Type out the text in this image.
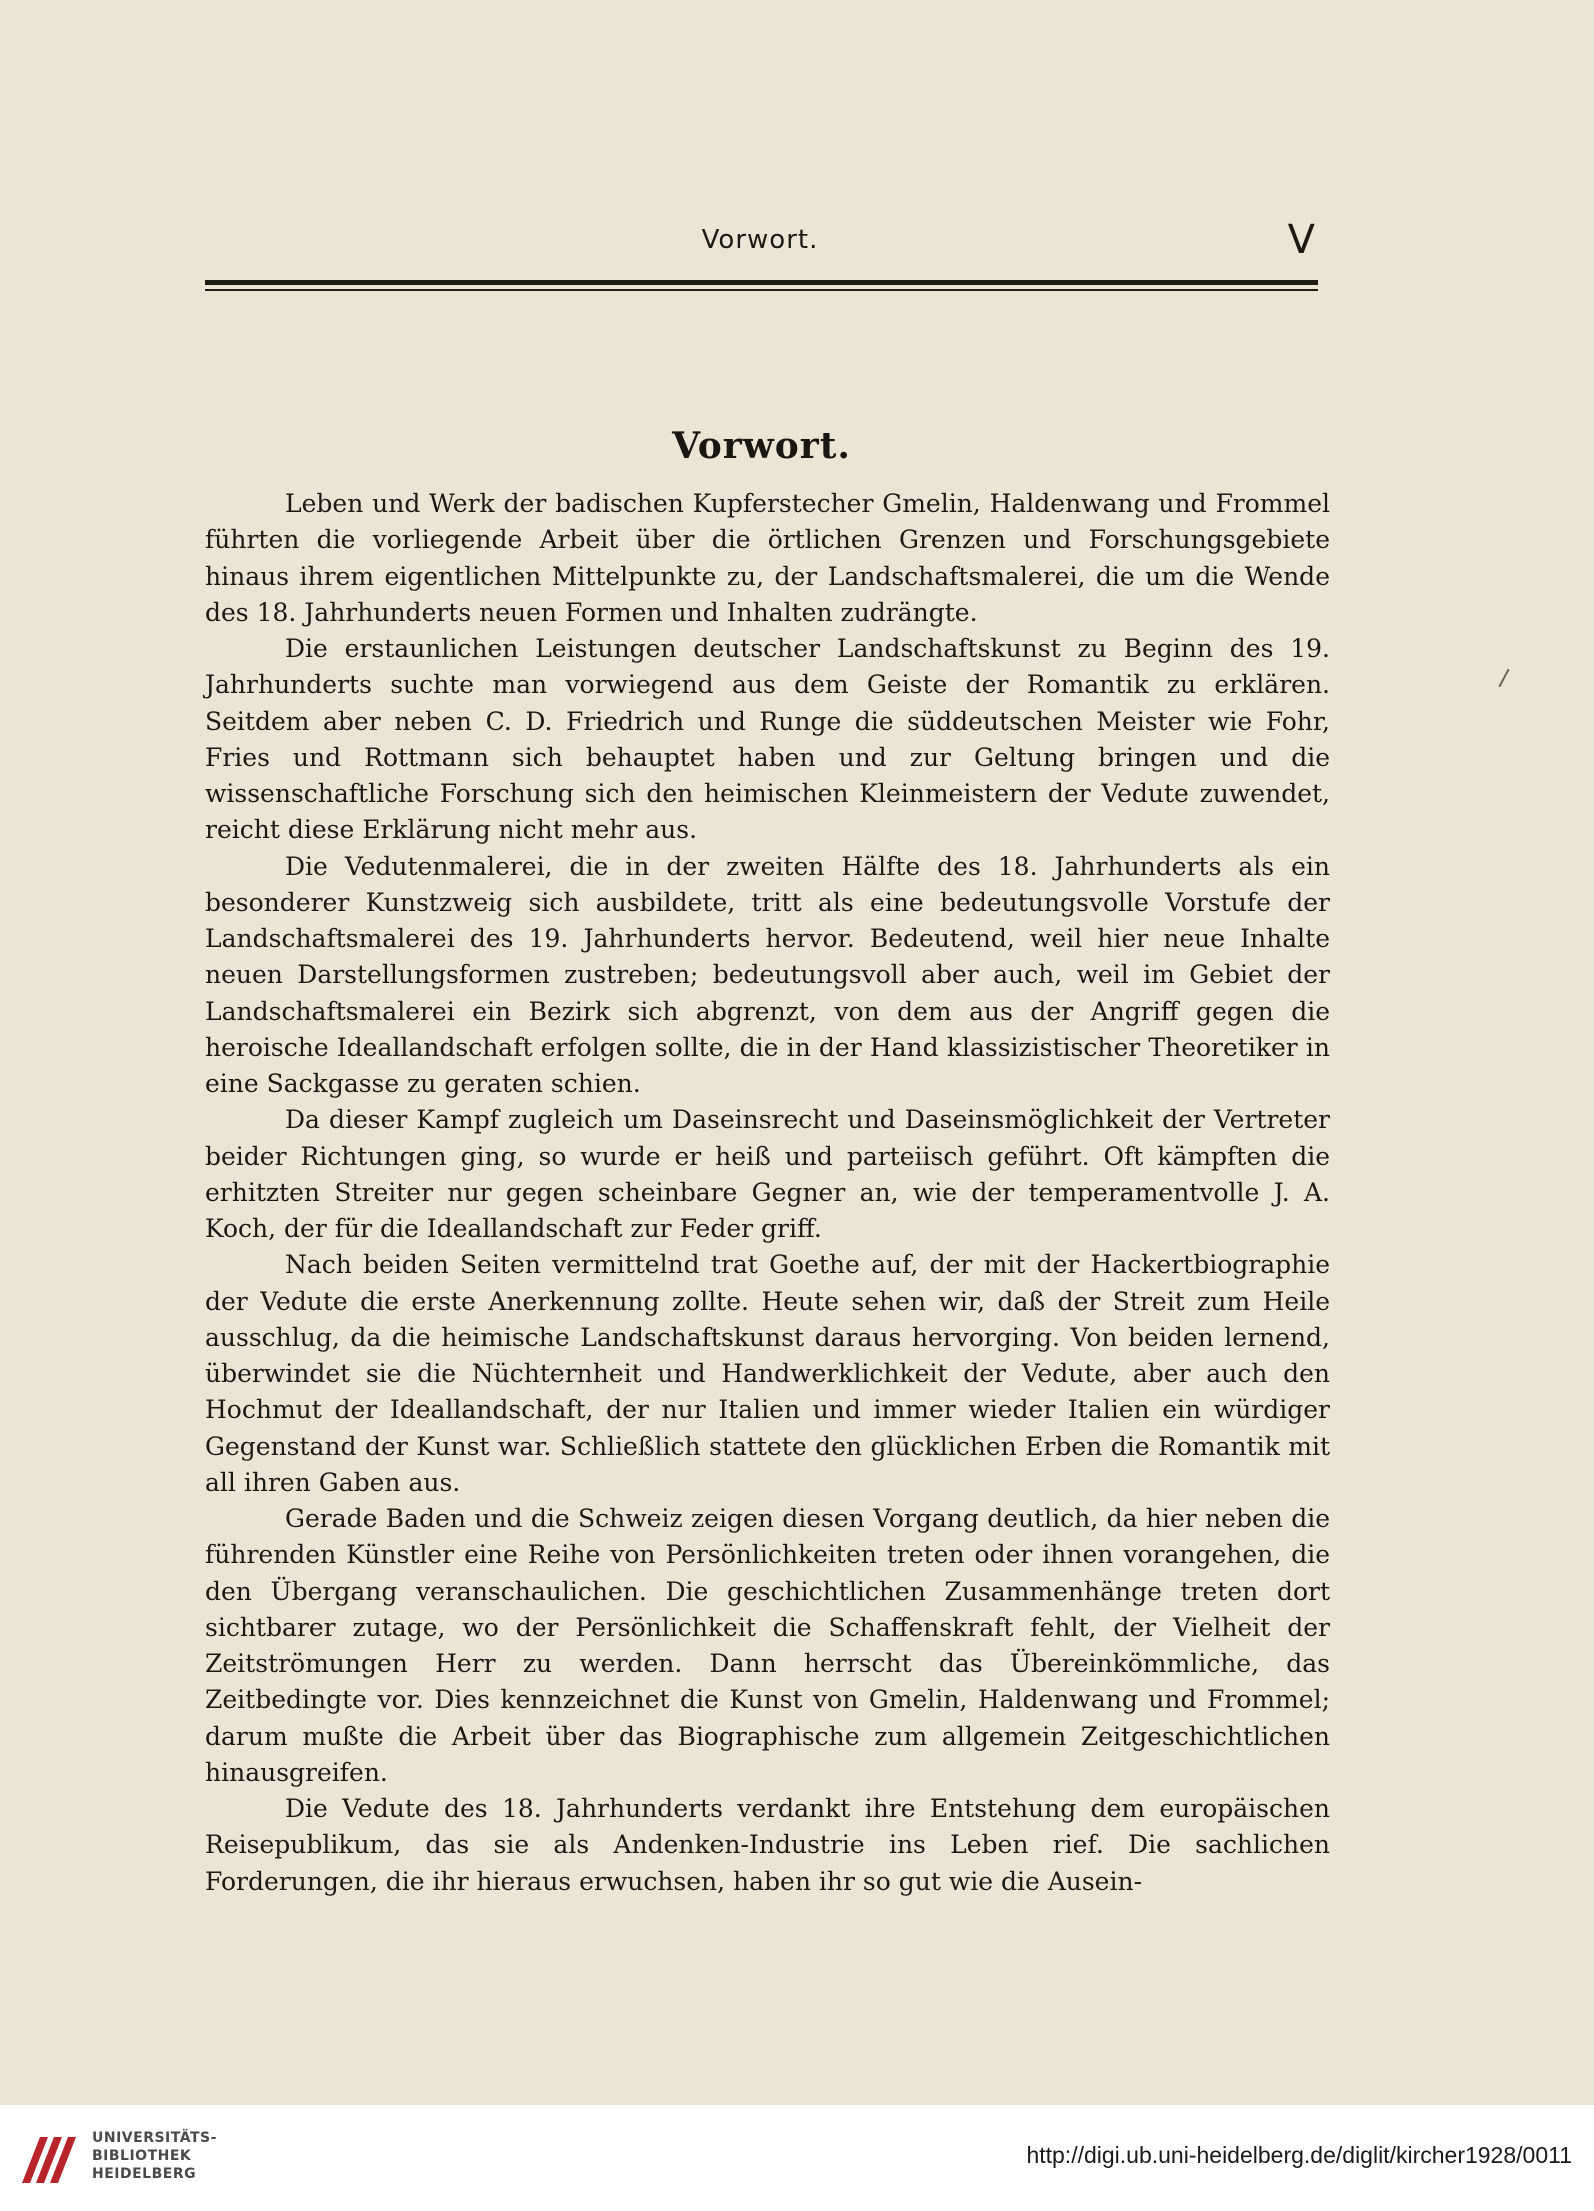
Vorwort.	V
Vorwort.

Leben und Werk der badischen Kupferstecher Gmelin, Haldenwang und Frommel führten die vorliegende Arbeit über die örtlichen Grenzen und Forschungsgebiete hinaus ihrem eigentlichen Mittelpunkte zu, der Landschaftsmalerei, die um die Wende des 18. Jahrhunderts neuen Formen und Inhalten zudrängte.

Die erstaunlichen Leistungen deutscher Landschaftskunst zu Beginn des 19. Jahrhunderts suchte man vorwiegend aus dem Geiste der Romantik zu erklären. Seitdem aber neben C. D. Friedrich und Runge die süddeutschen Meister wie Fohr, Fries und Rottmann sich behauptet haben und zur Geltung bringen und die wissenschaftliche Forschung sich den heimischen Kleinmeistern der Vedute zuwendet, reicht diese Erklärung nicht mehr aus.

Die Vedutenmalerei, die in der zweiten Hälfte des 18. Jahrhunderts als ein besonderer Kunstzweig sich ausbildete, tritt als eine bedeutungsvolle Vorstufe der Landschaftsmalerei des 19. Jahrhunderts hervor. Bedeutend, weil hier neue Inhalte neuen Darstellungsformen zustreben; bedeutungsvoll aber auch, weil im Gebiet der Landschaftsmalerei ein Bezirk sich abgrenzt, von dem aus der Angriff gegen die heroische Ideallandschaft erfolgen sollte, die in der Hand klassizistischer Theoretiker in eine Sackgasse zu geraten schien.

Da dieser Kampf zugleich um Daseinsrecht und Daseinsmöglichkeit der Vertreter beider Richtungen ging, so wurde er heiß und parteiisch geführt. Oft kämpften die erhitzten Streiter nur gegen scheinbare Gegner an, wie der temperamentvolle J. A. Koch, der für die Ideallandschaft zur Feder griff.

Nach beiden Seiten vermittelnd trat Goethe auf, der mit der Hackertbiographie der Vedute die erste Anerkennung zollte. Heute sehen wir, daß der Streit zum Heile ausschlug, da die heimische Landschaftskunst daraus hervorging. Von beiden lernend, überwindet sie die Nüchternheit und Handwerklichkeit der Vedute, aber auch den Hochmut der Ideallandschaft, der nur Italien und immer wieder Italien ein würdiger Gegenstand der Kunst war. Schließlich stattete den glücklichen Erben die Romantik mit all ihren Gaben aus.

Gerade Baden und die Schweiz zeigen diesen Vorgang deutlich, da hier neben die führenden Künstler eine Reihe von Persönlichkeiten treten oder ihnen vorangehen, die den Übergang veranschaulichen. Die geschichtlichen Zusammenhänge treten dort sichtbarer zutage, wo der Persönlichkeit die Schaffenskraft fehlt, der Vielheit der Zeitströmungen Herr zu werden. Dann herrscht das Übereinkömmliche, das Zeitbedingte vor. Dies kennzeichnet die Kunst von Gmelin, Haldenwang und Frommel; darum mußte die Arbeit über das Biographische zum allgemein Zeitgeschichtlichen hinausgreifen.

Die Vedute des 18. Jahrhunderts verdankt ihre Entstehung dem europäischen Reisepublikum, das sie als Andenken-Industrie ins Leben rief. Die sachlichen Forderungen, die ihr hieraus erwuchsen, haben ihr so gut wie die Ausein-

UNIVERSITÄTS-
BIBLIOTHEK
HEIDELBERG
http://digi.ub.uni-heidelberg.de/diglit/kircher1928/0011
